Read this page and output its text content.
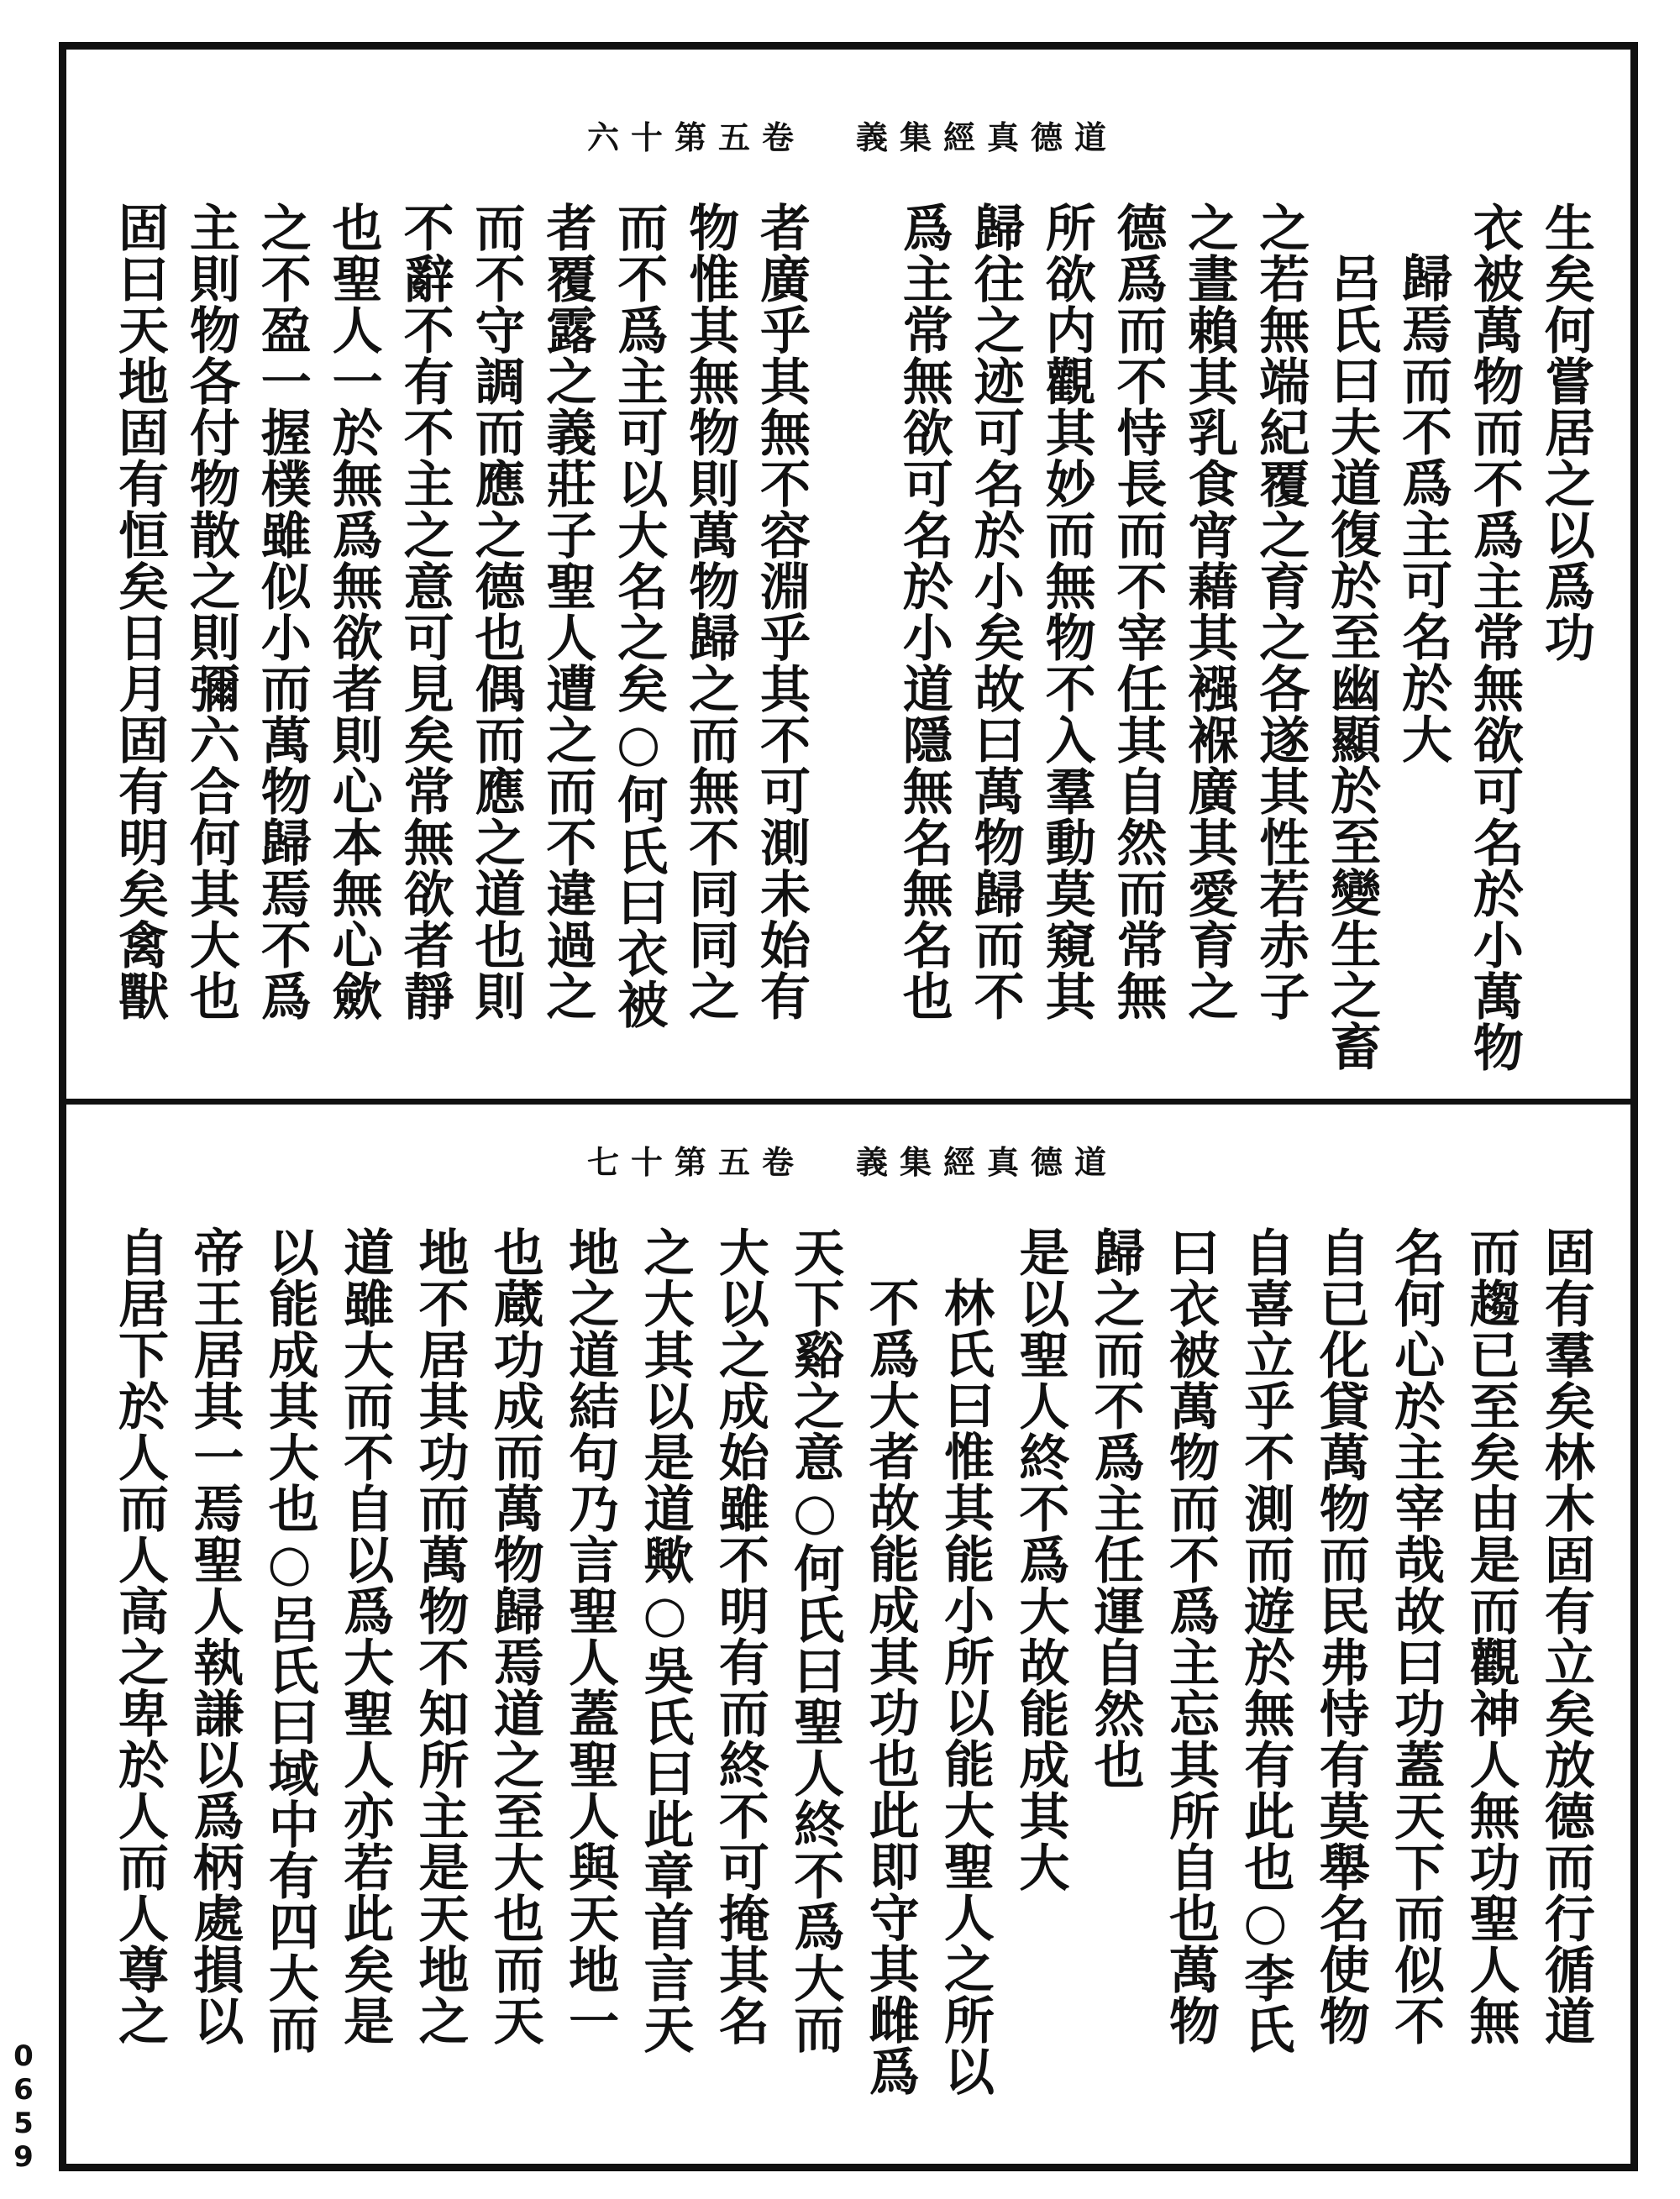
道德真經集義
卷五第十六
生矣何嘗居之以爲功
衣被萬物而不爲主常無欲可名於小萬物
歸焉而不爲主可名於大
呂氏曰夫道復於至幽顯於至變生之畜
之若無端紀覆之育之各遂其性若赤子
之晝賴其乳食宵藉其襁褓廣其愛育之
德爲而不恃長而不宰任其自然而常無
所欲内觀其妙而無物不入羣動莫窺其
歸往之迹可名於小矣故曰萬物歸而不
爲主常無欲可名於小道隱無名無名也
者廣乎其無不容淵乎其不可測未始有
物惟其無物則萬物歸之而無不同同之
而不爲主可以大名之矣○何氏曰衣被
者覆露之義莊子聖人遭之而不違過之
而不守調而應之德也偶而應之道也則
不辭不有不主之意可見矣常無欲者靜
也聖人一於無爲無欲者則心本無心歛
之不盈一握樸雖似小而萬物歸焉不爲
主則物各付物散之則彌六合何其大也
固曰天地固有恒矣日月固有明矣禽獸
道德真經集義
卷五第十七
固有羣矣林木固有立矣放德而行循道
而趨已至矣由是而觀神人無功聖人無
名何心於主宰哉故曰功蓋天下而似不
自已化貸萬物而民弗恃有莫舉名使物
自喜立乎不測而遊於無有此也○李氏
曰衣被萬物而不爲主忘其所自也萬物
歸之而不爲主任運自然也
是以聖人終不爲大故能成其大
林氏曰惟其能小所以能大聖人之所以
不爲大者故能成其功也此即守其雌爲
天下谿之意○何氏曰聖人終不爲大而
大以之成始雖不明有而終不可掩其名
之大其以是道歟○吳氏曰此章首言天
地之道結句乃言聖人蓋聖人與天地一
也蔵功成而萬物歸焉道之至大也而天
地不居其功而萬物不知所主是天地之
道雖大而不自以爲大聖人亦若此矣是
以能成其大也○呂氏曰域中有四大而
帝王居其一焉聖人執謙以爲柄處損以
自居下於人而人高之卑於人而人尊之
0659
